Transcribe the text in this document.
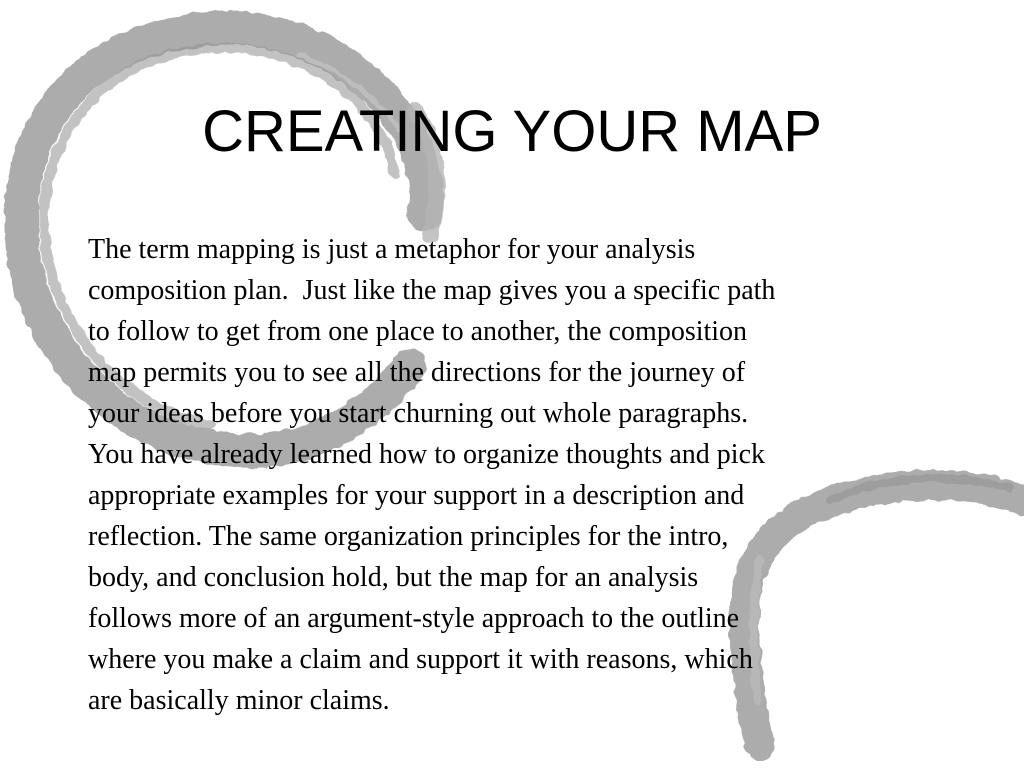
CREATING YOUR MAP
The term mapping is just a metaphor for your analysis
composition plan.  Just like the map gives you a specific path
to follow to get from one place to another, the composition
map permits you to see all the directions for the journey of
your ideas before you start churning out whole paragraphs.
You have already learned how to organize thoughts and pick
appropriate examples for your support in a description and
reflection. The same organization principles for the intro,
body, and conclusion hold, but the map for an analysis
follows more of an argument-style approach to the outline
where you make a claim and support it with reasons, which
are basically minor claims.
